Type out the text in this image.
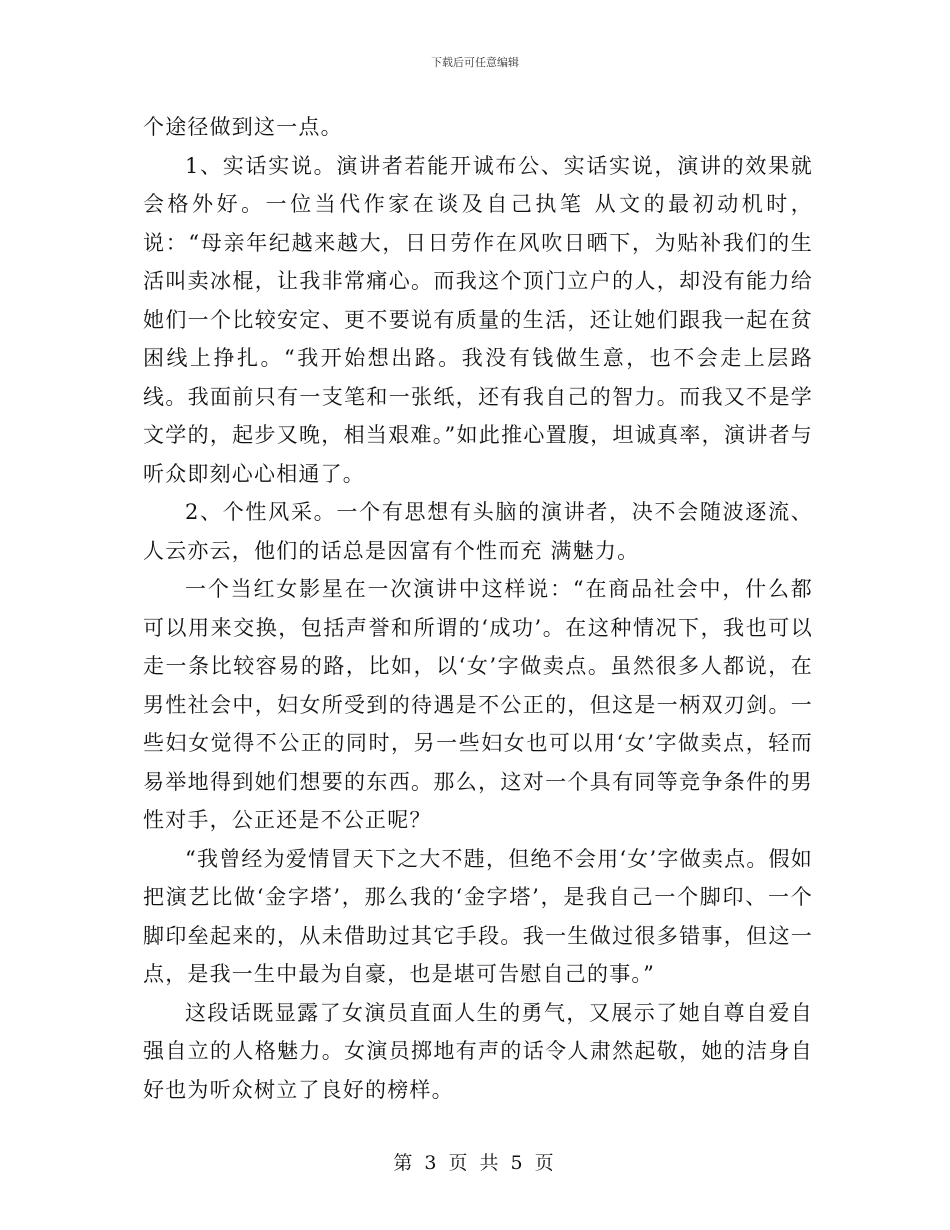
下载后可任意编辑

个途径做到这一点。

1、实话实说。演讲者若能开诚布公、实话实说，演讲的效果就会格外好。一位当代作家在谈及自己执笔 从文的最初动机时，说：“母亲年纪越来越大，日日劳作在风吹日晒下，为贴补我们的生活叫卖冰棍，让我非常痛心。而我这个顶门立户的人，却没有能力给她们一个比较安定、更不要说有质量的生活，还让她们跟我一起在贫困线上挣扎。“我开始想出路。我没有钱做生意，也不会走上层路线。我面前只有一支笔和一张纸，还有我自己的智力。而我又不是学文学的，起步又晚，相当艰难。”如此推心置腹，坦诚真率，演讲者与听众即刻心心相通了。

2、个性风采。一个有思想有头脑的演讲者，决不会随波逐流、人云亦云，他们的话总是因富有个性而充 满魅力。

一个当红女影星在一次演讲中这样说：“在商品社会中，什么都可以用来交换，包括声誉和所谓的‘成功’。在这种情况下，我也可以走一条比较容易的路，比如，以‘女’字做卖点。虽然很多人都说，在男性社会中，妇女所受到的待遇是不公正的，但这是一柄双刃剑。一些妇女觉得不公正的同时，另一些妇女也可以用‘女’字做卖点，轻而易举地得到她们想要的东西。那么，这对一个具有同等竞争条件的男性对手，公正还是不公正呢？

“我曾经为爱情冒天下之大不韪，但绝不会用‘女’字做卖点。假如把演艺比做‘金字塔’，那么我的‘金字塔’，是我自己一个脚印、一个脚印垒起来的，从未借助过其它手段。我一生做过很多错事，但这一点，是我一生中最为自豪，也是堪可告慰自己的事。”

这段话既显露了女演员直面人生的勇气，又展示了她自尊自爱自强自立的人格魅力。女演员掷地有声的话令人肃然起敬，她的洁身自好也为听众树立了良好的榜样。

第 3 页 共 5 页
